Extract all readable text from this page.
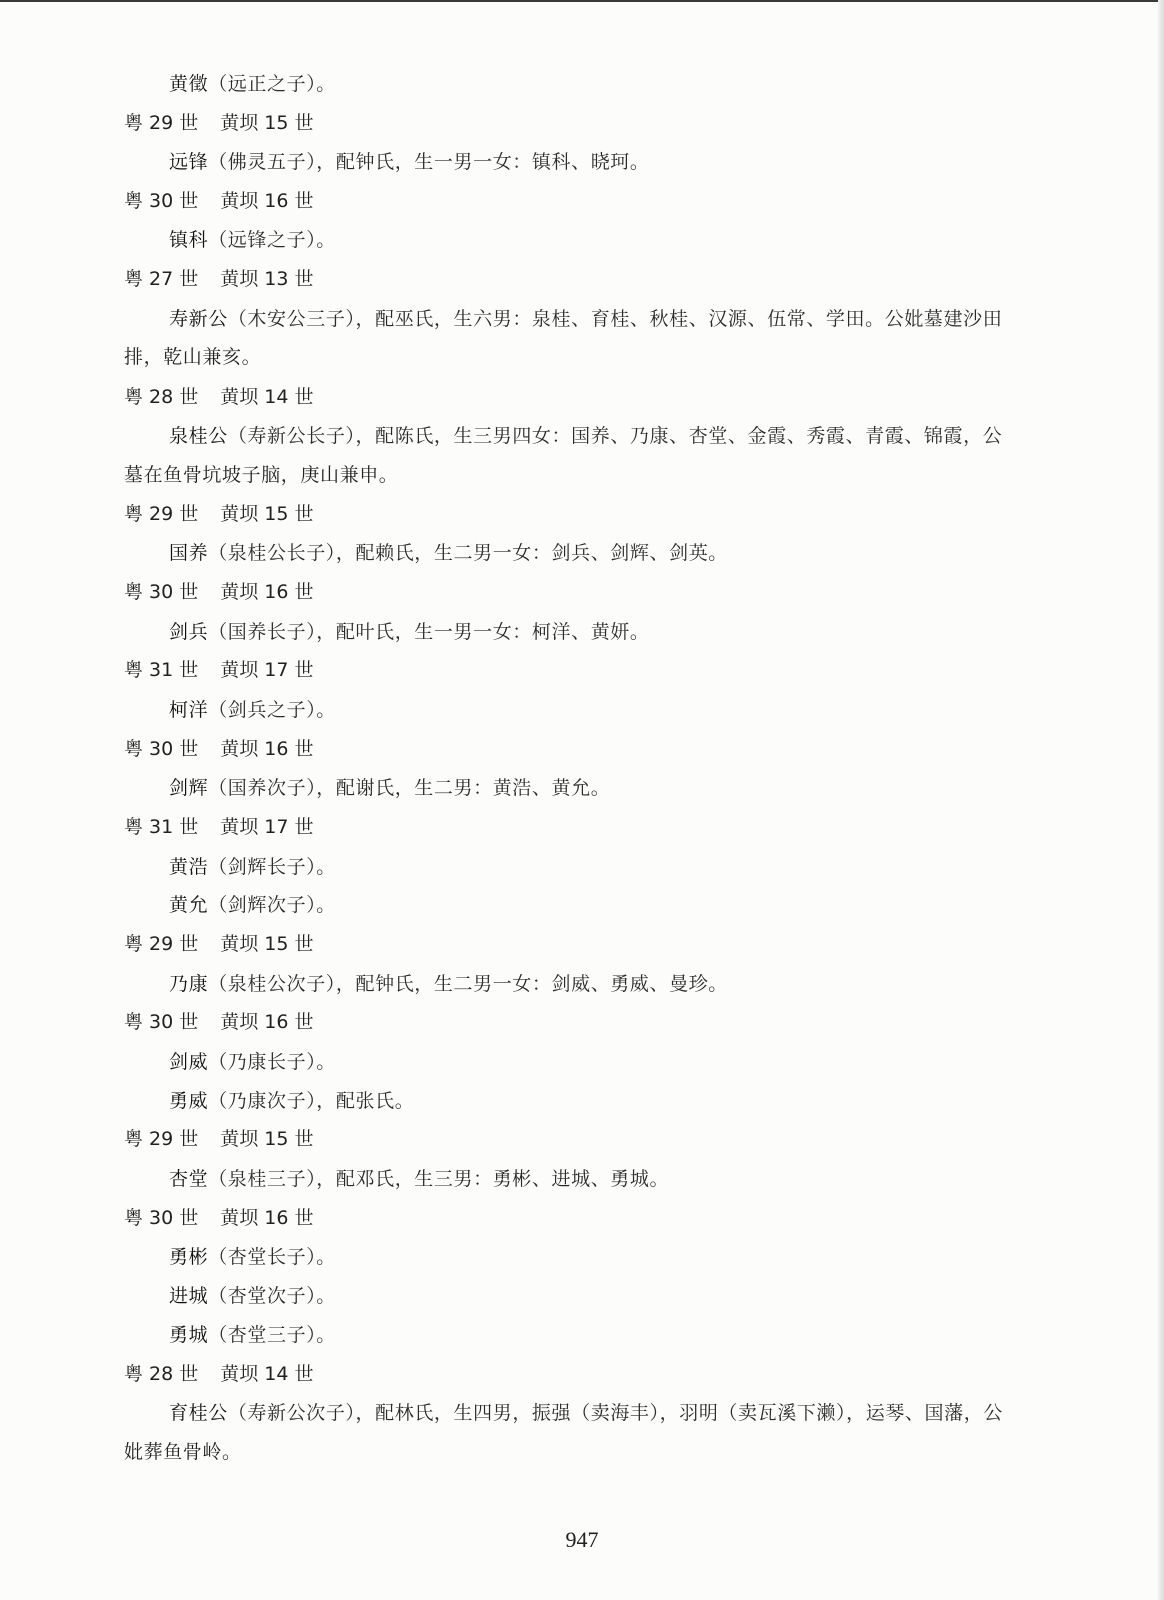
黄徵（远正之子）。
粤 29 世 黄坝 15 世
远锋（佛灵五子），配钟氏，生一男一女：镇科、晓珂。
粤 30 世 黄坝 16 世
镇科（远锋之子）。
粤 27 世 黄坝 13 世
寿新公（木安公三子），配巫氏，生六男：泉桂、育桂、秋桂、汉源、伍常、学田。公妣墓建沙田
排，乾山兼亥。
粤 28 世 黄坝 14 世
泉桂公（寿新公长子），配陈氏，生三男四女：国养、乃康、杏堂、金霞、秀霞、青霞、锦霞，公
墓在鱼骨坑坡子脑，庚山兼申。
粤 29 世 黄坝 15 世
国养（泉桂公长子），配赖氏，生二男一女：剑兵、剑辉、剑英。
粤 30 世 黄坝 16 世
剑兵（国养长子），配叶氏，生一男一女：柯洋、黄妍。
粤 31 世 黄坝 17 世
柯洋（剑兵之子）。
粤 30 世 黄坝 16 世
剑辉（国养次子），配谢氏，生二男：黄浩、黄允。
粤 31 世 黄坝 17 世
黄浩（剑辉长子）。
黄允（剑辉次子）。
粤 29 世 黄坝 15 世
乃康（泉桂公次子），配钟氏，生二男一女：剑威、勇威、曼珍。
粤 30 世 黄坝 16 世
剑威（乃康长子）。
勇威（乃康次子），配张氏。
粤 29 世 黄坝 15 世
杏堂（泉桂三子），配邓氏，生三男：勇彬、进城、勇城。
粤 30 世 黄坝 16 世
勇彬（杏堂长子）。
进城（杏堂次子）。
勇城（杏堂三子）。
粤 28 世 黄坝 14 世
育桂公（寿新公次子），配林氏，生四男，振强（卖海丰），羽明（卖瓦溪下濑），运琴、国藩，公
妣葬鱼骨岭。
947
